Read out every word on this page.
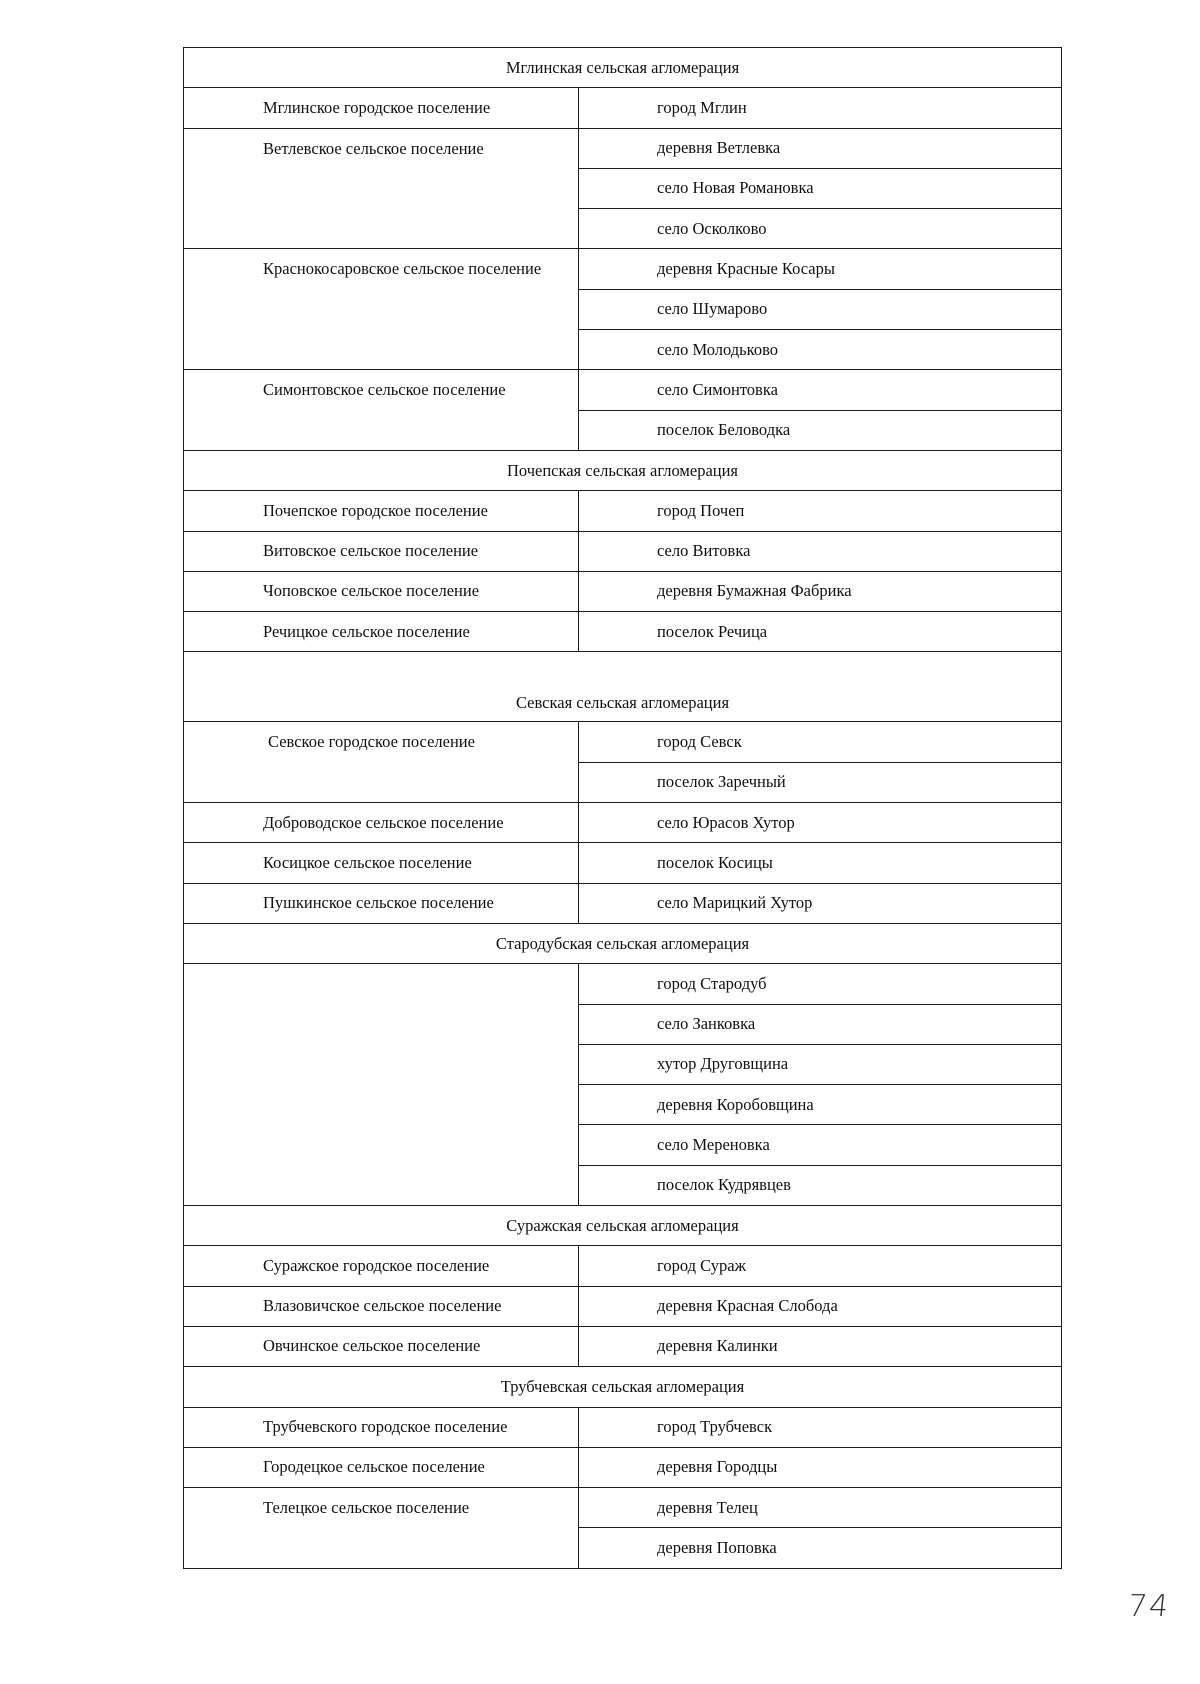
Мглинская сельская агломерация	
Мглинское городское поселение	город Мглин
Ветлевское сельское поселение	деревня Ветлевка
	село Новая Романовка
	село Осколково
Краснокосаровское сельское поселение	деревня Красные Косары
	село Шумарово
	село Молодьково
Симонтовское сельское поселение	село Симонтовка
	поселок Беловодка
Почепская сельская агломерация	
Почепское городское поселение	город Почеп
Витовское сельское поселение	село Витовка
Чоповское сельское поселение	деревня Бумажная Фабрика
Речицкое сельское поселение	поселок Речица
Севская сельская агломерация	
Севское городское поселение	город Севск
	поселок Заречный
Доброводское сельское поселение	село Юрасов Хутор
Косицкое сельское поселение	поселок Косицы
Пушкинское сельское поселение	село Марицкий Хутор
Стародубская сельская агломерация	
	город Стародуб
	село Занковка
	хутор Друговщина
	деревня Коробовщина
	село Мереновка
	поселок Кудрявцев
Суражская сельская агломерация	
Суражское городское поселение	город Сураж
Влазовичское сельское поселение	деревня Красная Слобода
Овчинское сельское поселение	деревня Калинки
Трубчевская сельская агломерация	
Трубчевского городское поселение	город Трубчевск
Городецкое сельское поселение	деревня Городцы
Телецкое сельское поселение	деревня Телец
	деревня Поповка
74
